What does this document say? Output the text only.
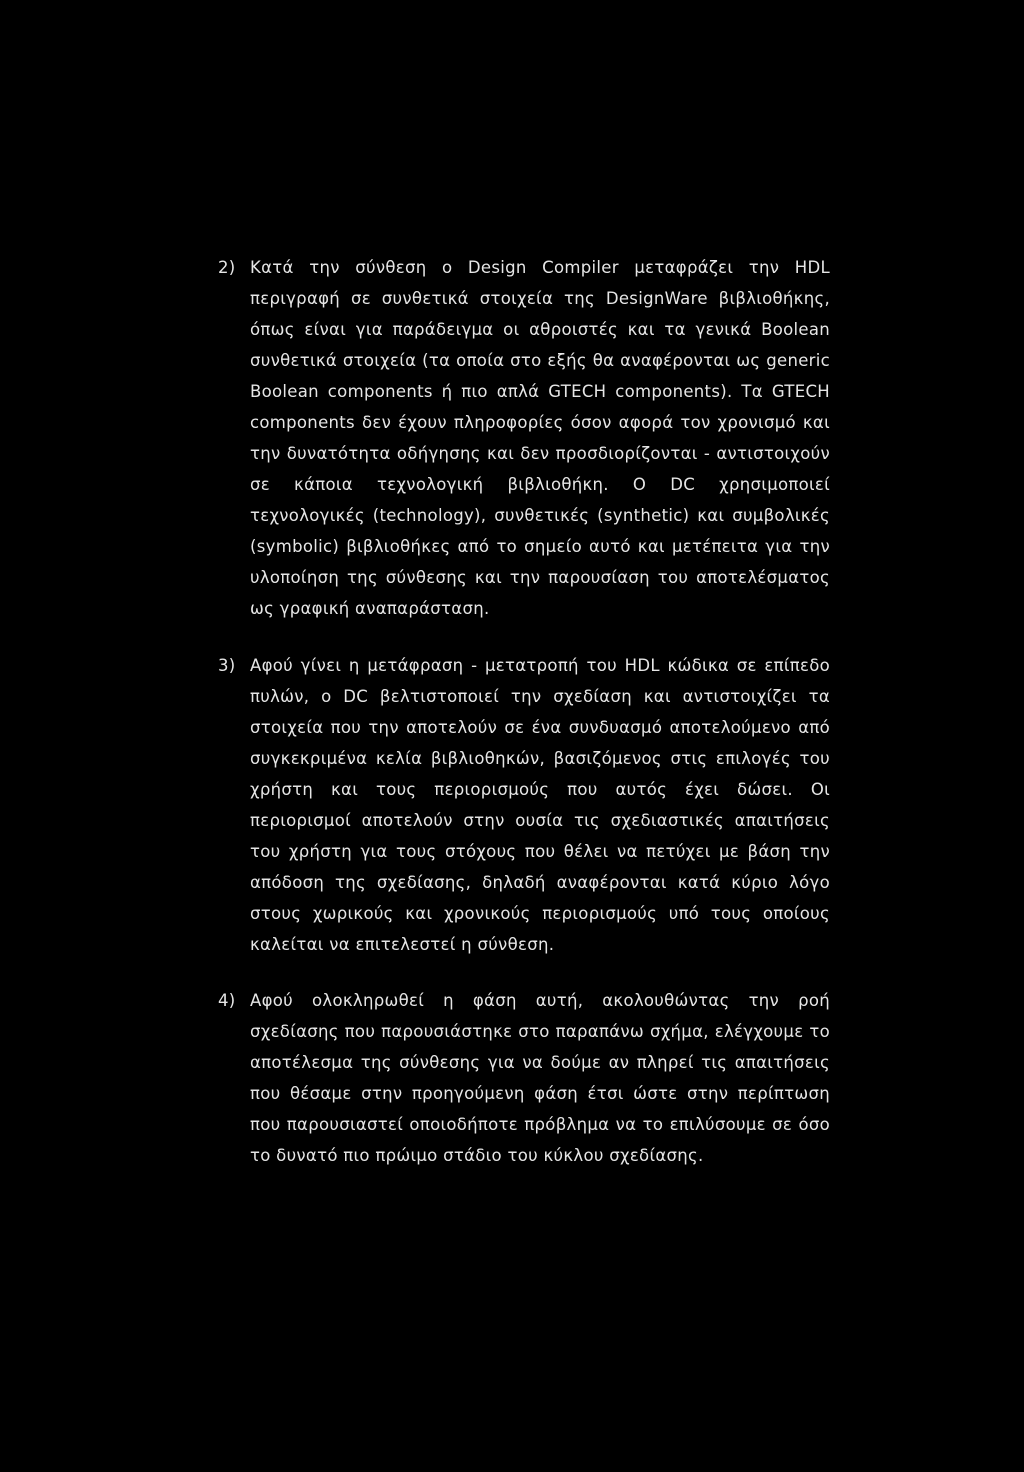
2) Κατά την σύνθεση ο Design Compiler μεταφράζει την HDL περιγραφή σε συνθετικά στοιχεία της DesignWare βιβλιοθήκης, όπως είναι για παράδειγμα οι αθροιστές και τα γενικά Boolean συνθετικά στοιχεία (τα οποία στο εξής θα αναφέρονται ως generic Boolean components ή πιο απλά GTECH components). Τα GTECH components δεν έχουν πληροφορίες όσον αφορά τον χρονισμό και την δυνατότητα οδήγησης και δεν προσδιορίζονται - αντιστοιχούν σε κάποια τεχνολογική βιβλιοθήκη. Ο DC χρησιμοποιεί τεχνολογικές (technology), συνθετικές (synthetic) και συμβολικές (symbolic) βιβλιοθήκες από το σημείο αυτό και μετέπειτα για την υλοποίηση της σύνθεσης και την παρουσίαση του αποτελέσματος ως γραφική αναπαράσταση.
3) Αφού γίνει η μετάφραση - μετατροπή του HDL κώδικα σε επίπεδο πυλών, ο DC βελτιστοποιεί την σχεδίαση και αντιστοιχίζει τα στοιχεία που την αποτελούν σε ένα συνδυασμό αποτελούμενο από συγκεκριμένα κελία βιβλιοθηκών, βασιζόμενος στις επιλογές του χρήστη και τους περιορισμούς που αυτός έχει δώσει. Οι περιορισμοί αποτελούν στην ουσία τις σχεδιαστικές απαιτήσεις του χρήστη για τους στόχους που θέλει να πετύχει με βάση την απόδοση της σχεδίασης, δηλαδή αναφέρονται κατά κύριο λόγο στους χωρικούς και χρονικούς περιορισμούς υπό τους οποίους καλείται να επιτελεστεί η σύνθεση.
4) Αφού ολοκληρωθεί η φάση αυτή, ακολουθώντας την ροή σχεδίασης που παρουσιάστηκε στο παραπάνω σχήμα, ελέγχουμε το αποτέλεσμα της σύνθεσης για να δούμε αν πληρεί τις απαιτήσεις που θέσαμε στην προηγούμενη φάση έτσι ώστε στην περίπτωση που παρουσιαστεί οποιοδήποτε πρόβλημα να το επιλύσουμε σε όσο το δυνατό πιο πρώιμο στάδιο του κύκλου σχεδίασης.
